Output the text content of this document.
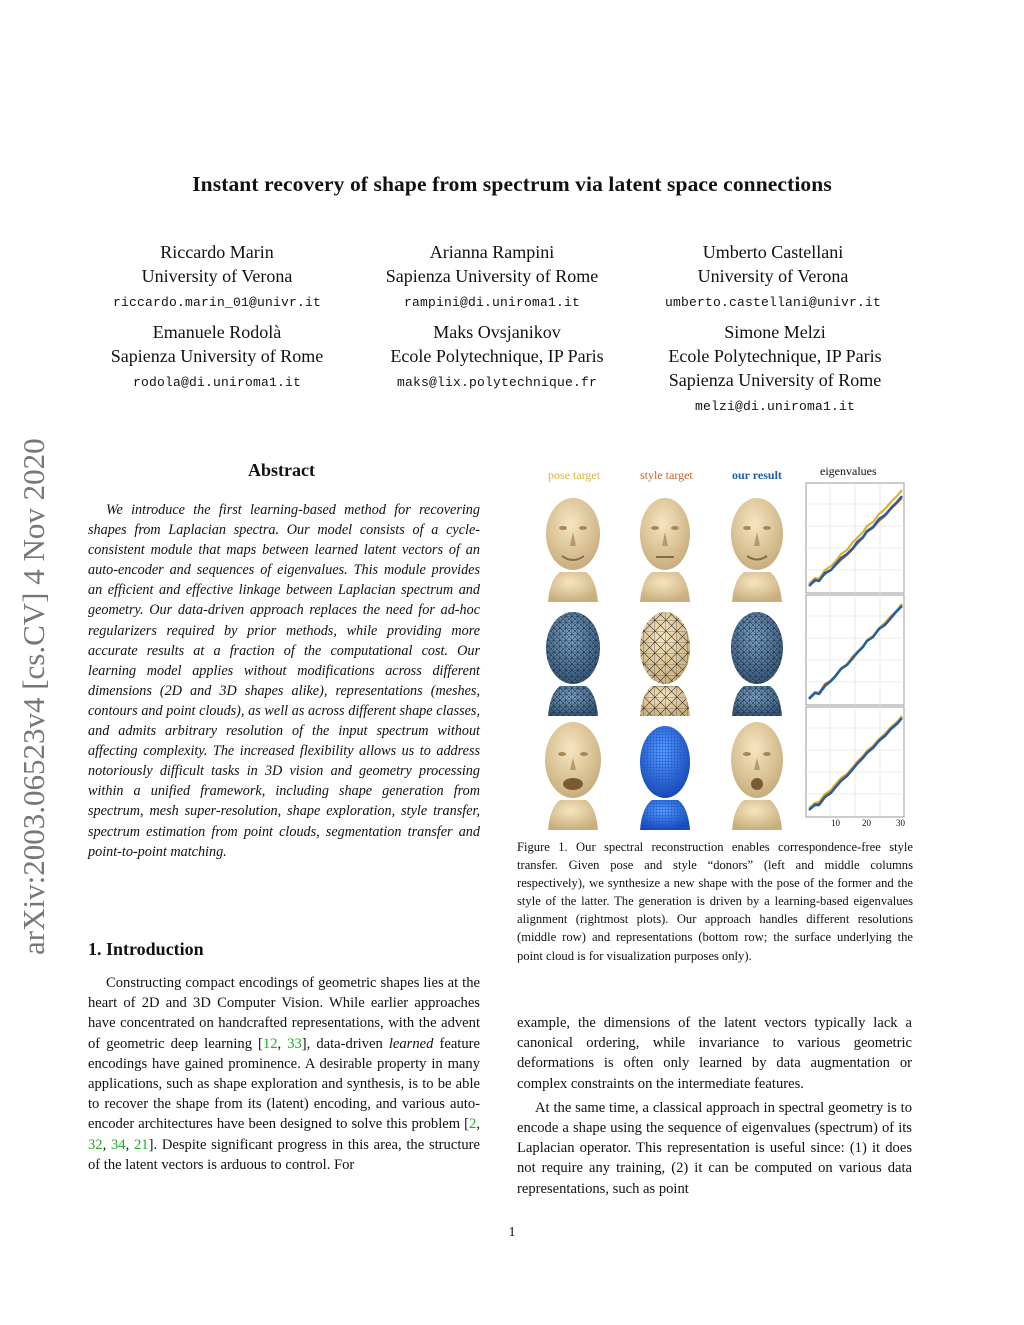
arXiv:2003.06523v4 [cs.CV] 4 Nov 2020
Instant recovery of shape from spectrum via latent space connections
Riccardo Marin
University of Verona
riccardo.marin_01@univr.it
Arianna Rampini
Sapienza University of Rome
rampini@di.uniroma1.it
Umberto Castellani
University of Verona
umberto.castellani@univr.it
Emanuele Rodolà
Sapienza University of Rome
rodola@di.uniroma1.it
Maks Ovsjanikov
Ecole Polytechnique, IP Paris
maks@lix.polytechnique.fr
Simone Melzi
Ecole Polytechnique, IP Paris
Sapienza University of Rome
melzi@di.uniroma1.it
Abstract

We introduce the first learning-based method for recovering shapes from Laplacian spectra. Our model consists of a cycle-consistent module that maps between learned latent vectors of an auto-encoder and sequences of eigenvalues. This module provides an efficient and effective linkage between Laplacian spectrum and geometry. Our data-driven approach replaces the need for ad-hoc regularizers required by prior methods, while providing more accurate results at a fraction of the computational cost. Our learning model applies without modifications across different dimensions (2D and 3D shapes alike), representations (meshes, contours and point clouds), as well as across different shape classes, and admits arbitrary resolution of the input spectrum without affecting complexity. The increased flexibility allows us to address notoriously difficult tasks in 3D vision and geometry processing within a unified framework, including shape generation from spectrum, mesh super-resolution, shape exploration, style transfer, spectrum estimation from point clouds, segmentation transfer and point-to-point matching.

1. Introduction

Constructing compact encodings of geometric shapes lies at the heart of 2D and 3D Computer Vision. While earlier approaches have concentrated on handcrafted representations, with the advent of geometric deep learning [12, 33], data-driven learned feature encodings have gained prominence. A desirable property in many applications, such as shape exploration and synthesis, is to be able to recover the shape from its (latent) encoding, and various auto-encoder architectures have been designed to solve this problem [2, 32, 34, 21]. Despite significant progress in this area, the structure of the latent vectors is arduous to control. For

pose target	style target	our result	eigenvalues
10 20	30

Figure 1. Our spectral reconstruction enables correspondence-free style transfer. Given pose and style “donors” (left and middle columns respectively), we synthesize a new shape with the pose of the former and the style of the latter. The generation is driven by a learning-based eigenvalues alignment (rightmost plots). Our approach handles different resolutions (middle row) and representations (bottom row; the surface underlying the point cloud is for visualization purposes only).

example, the dimensions of the latent vectors typically lack a canonical ordering, while invariance to various geometric deformations is often only learned by data augmentation or complex constraints on the intermediate features.

At the same time, a classical approach in spectral geometry is to encode a shape using the sequence of eigenvalues (spectrum) of its Laplacian operator. This representation is useful since: (1) it does not require any training, (2) it can be computed on various data representations, such as point

1
